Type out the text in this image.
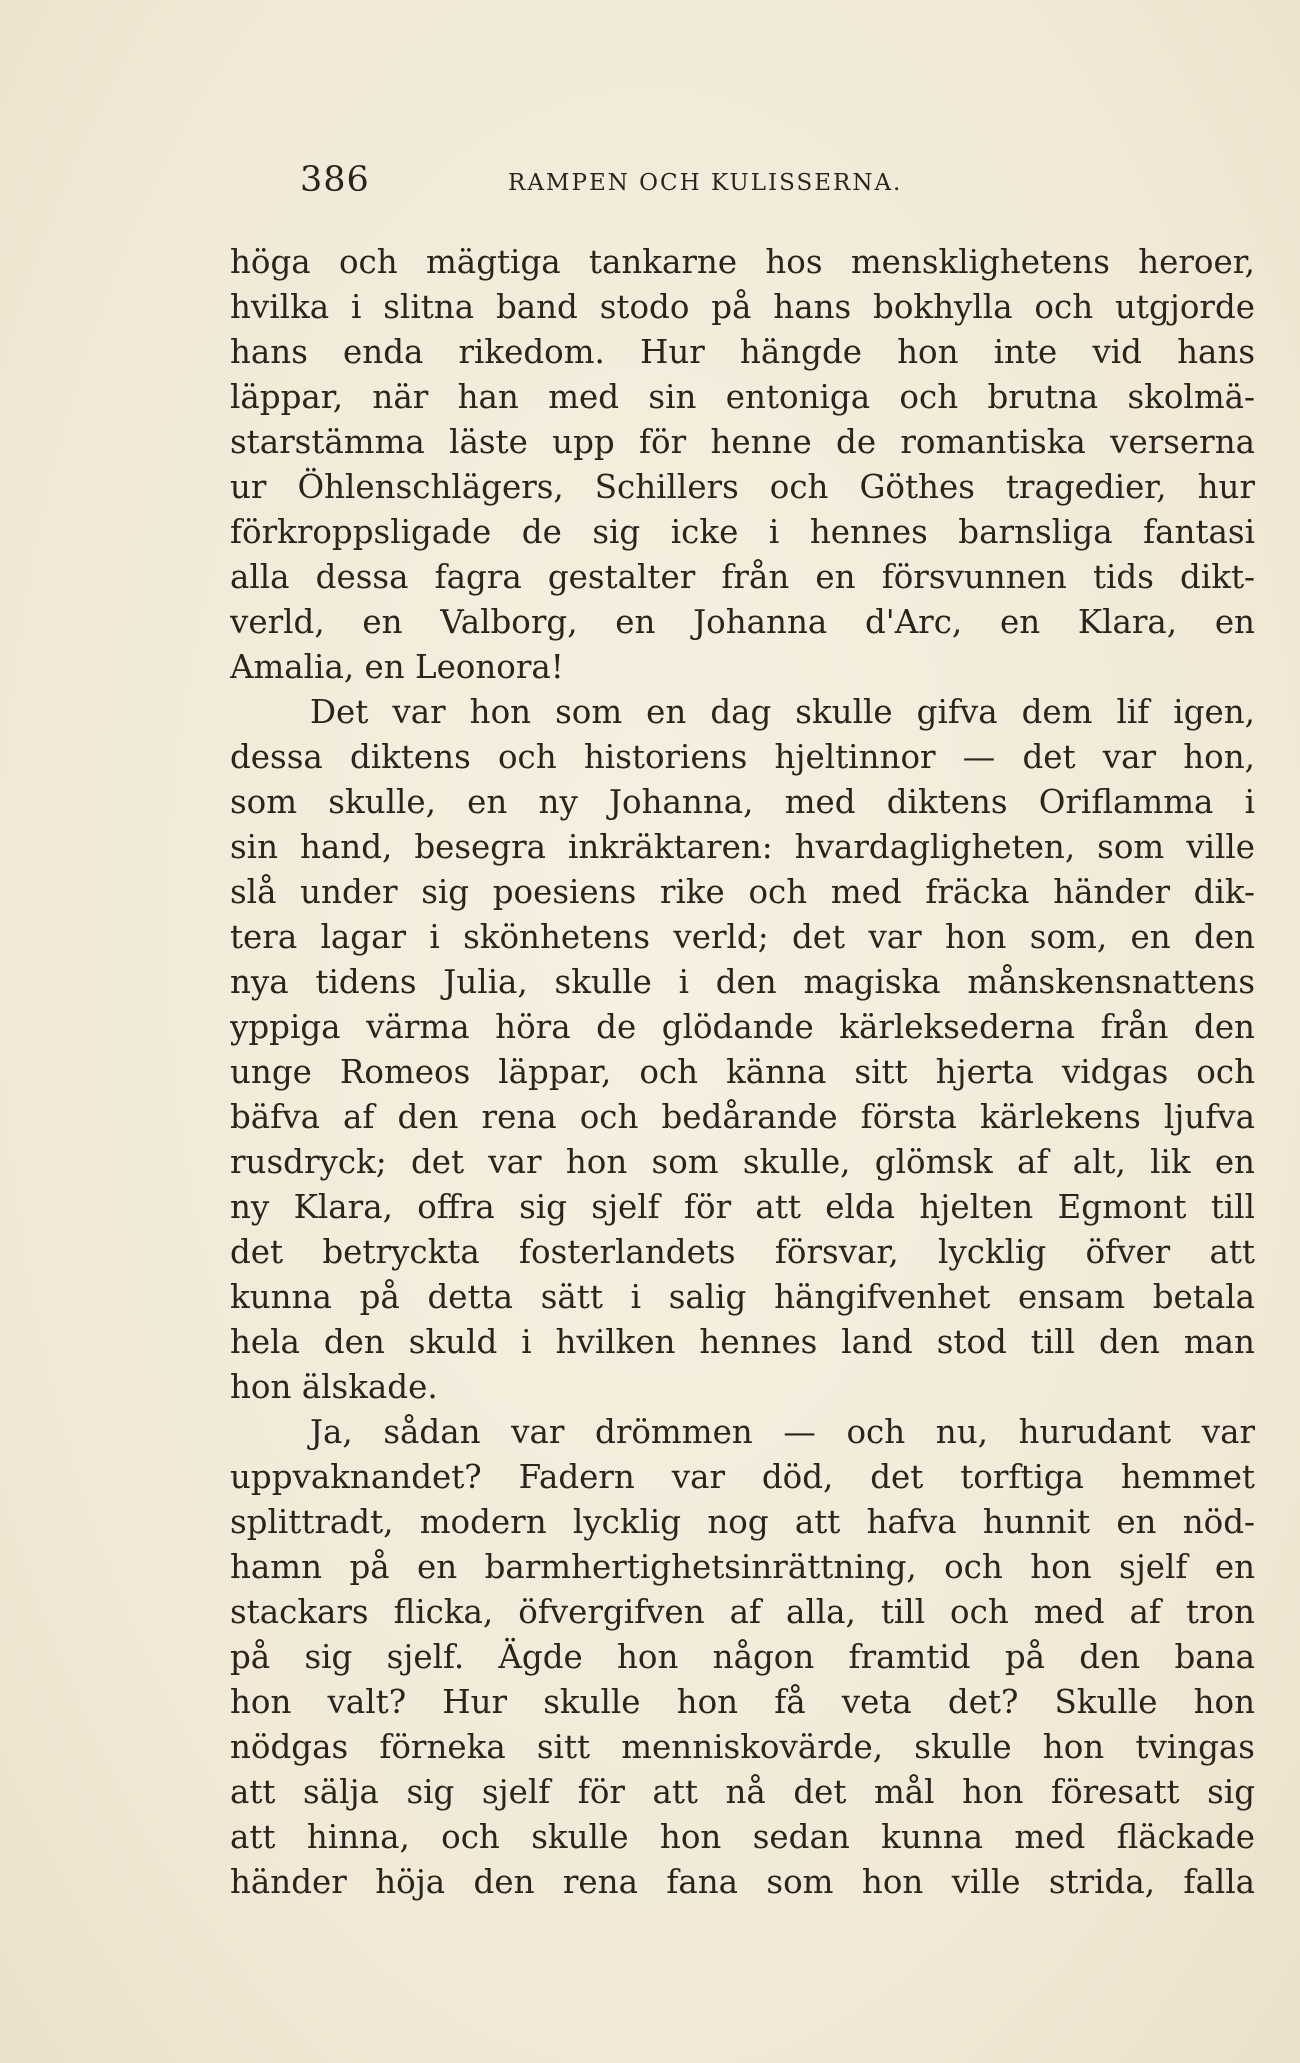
386	RAMPEN OCH KULISSERNA.
höga och mägtiga tankarne hos mensklighetens heroer,
hvilka i slitna band stodo på hans bokhylla och utgjorde
hans enda rikedom. Hur hängde hon inte vid hans
läppar, när han med sin entoniga och brutna skolmä-
starstämma läste upp för henne de romantiska verserna
ur Öhlenschlägers, Schillers och Göthes tragedier, hur
förkroppsligade de sig icke i hennes barnsliga fantasi
alla dessa fagra gestalter från en försvunnen tids dikt-
verld, en Valborg, en Johanna d'Arc, en Klara, en
Amalia, en Leonora!
Det var hon som en dag skulle gifva dem lif igen,
dessa diktens och historiens hjeltinnor — det var hon,
som skulle, en ny Johanna, med diktens Oriflamma i
sin hand, besegra inkräktaren: hvardagligheten, som ville
slå under sig poesiens rike och med fräcka händer dik-
tera lagar i skönhetens verld; det var hon som, en den
nya tidens Julia, skulle i den magiska månskensnattens
yppiga värma höra de glödande kärleksederna från den
unge Romeos läppar, och känna sitt hjerta vidgas och
bäfva af den rena och bedårande första kärlekens ljufva
rusdryck; det var hon som skulle, glömsk af alt, lik en
ny Klara, offra sig sjelf för att elda hjelten Egmont till
det betryckta fosterlandets försvar, lycklig öfver att
kunna på detta sätt i salig hängifvenhet ensam betala
hela den skuld i hvilken hennes land stod till den man
hon älskade.
Ja, sådan var drömmen — och nu, hurudant var
uppvaknandet? Fadern var död, det torftiga hemmet
splittradt, modern lycklig nog att hafva hunnit en nöd-
hamn på en barmhertighetsinrättning, och hon sjelf en
stackars flicka, öfvergifven af alla, till och med af tron
på sig sjelf. Ägde hon någon framtid på den bana
hon valt? Hur skulle hon få veta det? Skulle hon
nödgas förneka sitt menniskovärde, skulle hon tvingas
att sälja sig sjelf för att nå det mål hon föresatt sig
att hinna, och skulle hon sedan kunna med fläckade
händer höja den rena fana som hon ville strida, falla
